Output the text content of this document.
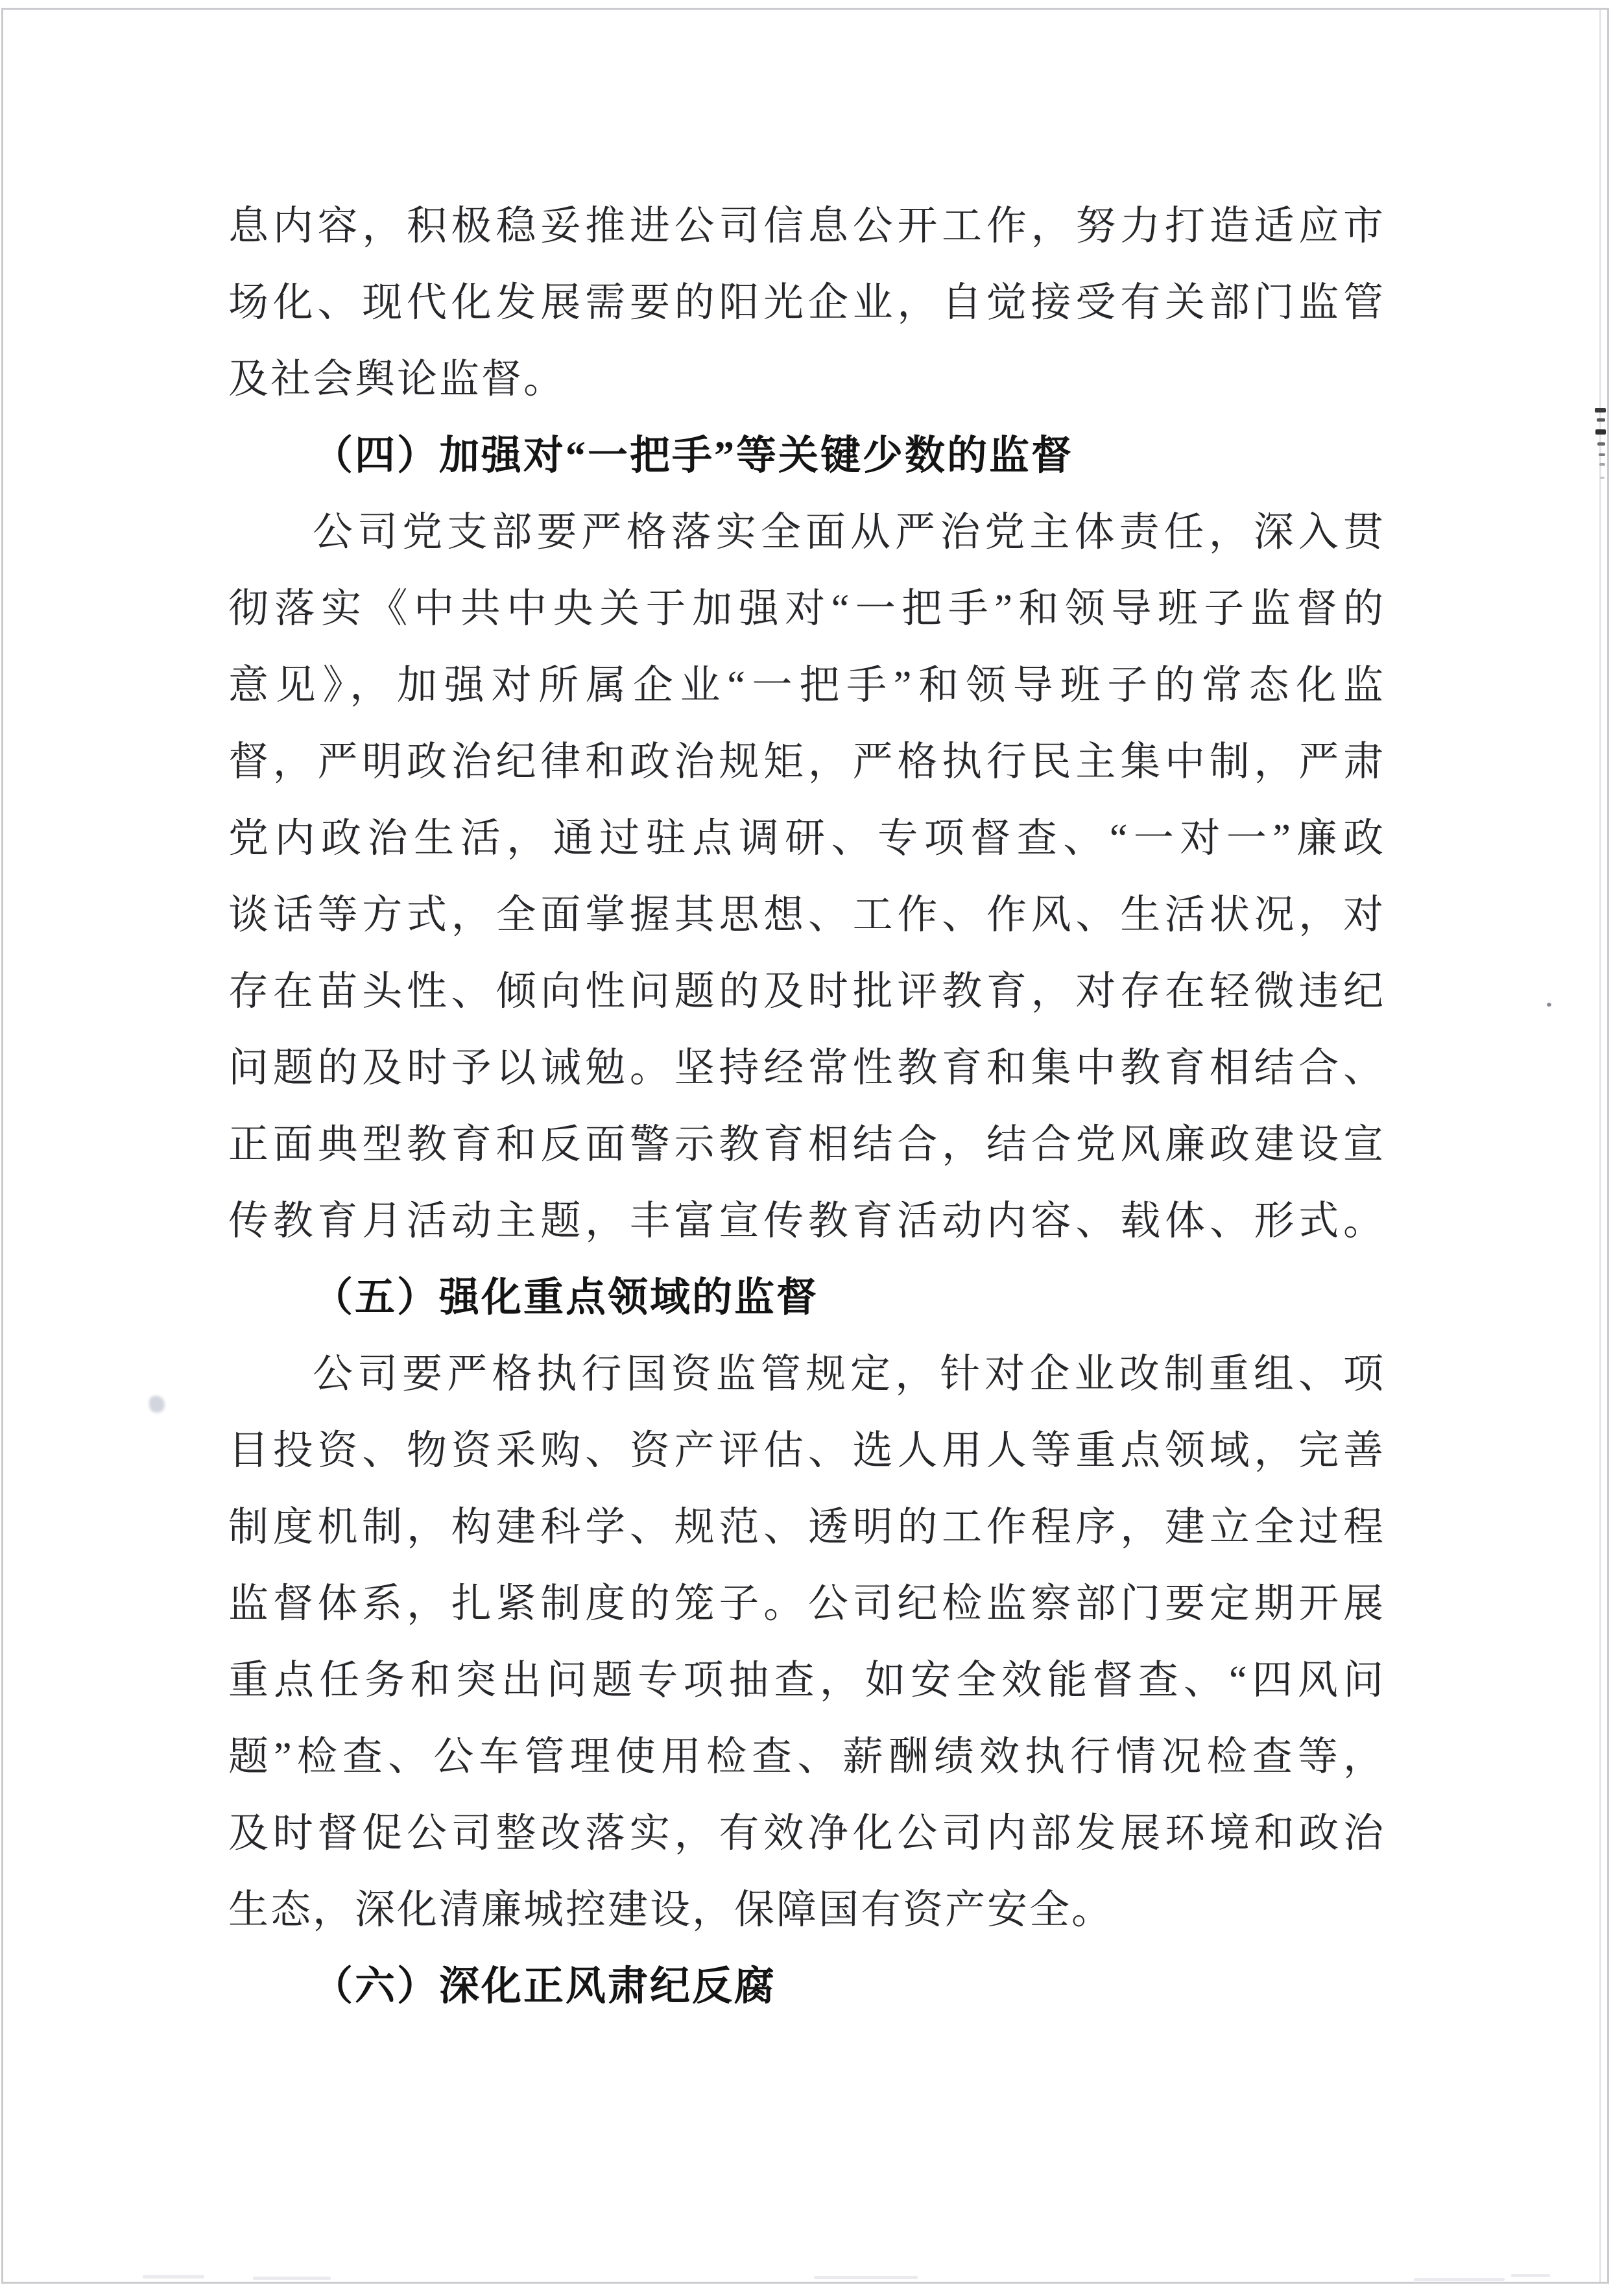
息内容，积极稳妥推进公司信息公开工作，努力打造适应市
场化、现代化发展需要的阳光企业，自觉接受有关部门监管
及社会舆论监督。
（四）加强对“一把手”等关键少数的监督
公司党支部要严格落实全面从严治党主体责任，深入贯
彻落实《中共中央关于加强对“一把手”和领导班子监督的
意见》，加强对所属企业“一把手”和领导班子的常态化监
督，严明政治纪律和政治规矩，严格执行民主集中制，严肃
党内政治生活，通过驻点调研、专项督查、“一对一”廉政
谈话等方式，全面掌握其思想、工作、作风、生活状况，对
存在苗头性、倾向性问题的及时批评教育，对存在轻微违纪
问题的及时予以诫勉。坚持经常性教育和集中教育相结合、
正面典型教育和反面警示教育相结合，结合党风廉政建设宣
传教育月活动主题，丰富宣传教育活动内容、载体、形式。
（五）强化重点领域的监督
公司要严格执行国资监管规定，针对企业改制重组、项
目投资、物资采购、资产评估、选人用人等重点领域，完善
制度机制，构建科学、规范、透明的工作程序，建立全过程
监督体系，扎紧制度的笼子。公司纪检监察部门要定期开展
重点任务和突出问题专项抽查，如安全效能督查、“四风问
题”检查、公车管理使用检查、薪酬绩效执行情况检查等，
及时督促公司整改落实，有效净化公司内部发展环境和政治
生态，深化清廉城控建设，保障国有资产安全。
（六）深化正风肃纪反腐
